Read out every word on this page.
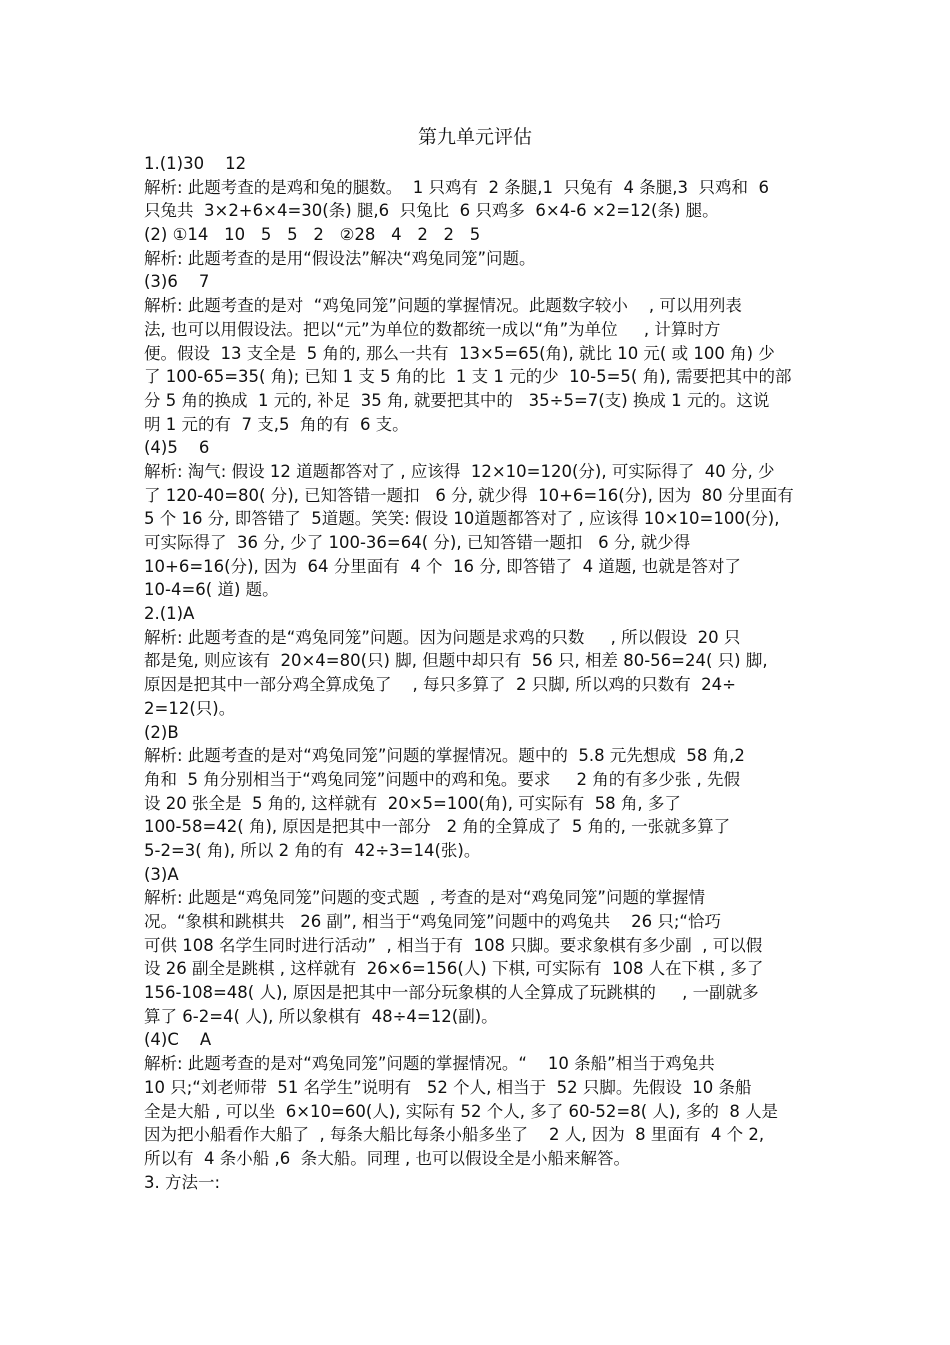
第九单元评估
1.(1)30    12
解析: 此题考查的是鸡和兔的腿数。  1 只鸡有  2 条腿,1  只兔有  4 条腿,3  只鸡和  6
只兔共  3×2+6×4=30(条) 腿,6  只兔比  6 只鸡多  6×4-6 ×2=12(条) 腿。
(2) ①14   10   5   5   2   ②28   4   2   2   5
解析: 此题考查的是用“假设法”解决“鸡兔同笼”问题。
(3)6    7
解析: 此题考查的是对  “鸡兔同笼”问题的掌握情况。此题数字较小    , 可以用列表
法, 也可以用假设法。把以“元”为单位的数都统一成以“角”为单位     , 计算时方
便。假设  13 支全是  5 角的, 那么一共有  13×5=65(角), 就比 10 元( 或 100 角) 少
了 100-65=35( 角); 已知 1 支 5 角的比  1 支 1 元的少  10-5=5( 角), 需要把其中的部
分 5 角的换成  1 元的, 补足  35 角, 就要把其中的   35÷5=7(支) 换成 1 元的。这说
明 1 元的有  7 支,5  角的有  6 支。
(4)5    6
解析: 淘气: 假设 12 道题都答对了 , 应该得  12×10=120(分), 可实际得了  40 分, 少
了 120-40=80( 分), 已知答错一题扣   6 分, 就少得  10+6=16(分), 因为  80 分里面有
5 个 16 分, 即答错了  5道题。笑笑: 假设 10道题都答对了 , 应该得 10×10=100(分),
可实际得了  36 分, 少了 100-36=64( 分), 已知答错一题扣   6 分, 就少得
10+6=16(分), 因为  64 分里面有  4 个  16 分, 即答错了  4 道题, 也就是答对了
10-4=6( 道) 题。
2.(1)A
解析: 此题考查的是“鸡兔同笼”问题。因为问题是求鸡的只数     , 所以假设  20 只
都是兔, 则应该有  20×4=80(只) 脚, 但题中却只有  56 只, 相差 80-56=24( 只) 脚,
原因是把其中一部分鸡全算成兔了    , 每只多算了  2 只脚, 所以鸡的只数有  24÷
2=12(只)。
(2)B
解析: 此题考查的是对“鸡兔同笼”问题的掌握情况。题中的  5.8 元先想成  58 角,2
角和  5 角分别相当于“鸡兔同笼”问题中的鸡和兔。要求     2 角的有多少张 , 先假
设 20 张全是  5 角的, 这样就有  20×5=100(角), 可实际有  58 角, 多了
100-58=42( 角), 原因是把其中一部分   2 角的全算成了  5 角的, 一张就多算了
5-2=3( 角), 所以 2 角的有  42÷3=14(张)。
(3)A
解析: 此题是“鸡兔同笼”问题的变式题  , 考查的是对“鸡兔同笼”问题的掌握情
况。“象棋和跳棋共   26 副”, 相当于“鸡兔同笼”问题中的鸡兔共    26 只;“恰巧
可供 108 名学生同时进行活动”  , 相当于有  108 只脚。要求象棋有多少副  , 可以假
设 26 副全是跳棋 , 这样就有  26×6=156(人) 下棋, 可实际有  108 人在下棋 , 多了
156-108=48( 人), 原因是把其中一部分玩象棋的人全算成了玩跳棋的     , 一副就多
算了 6-2=4( 人), 所以象棋有  48÷4=12(副)。
(4)C    A
解析: 此题考查的是对“鸡兔同笼”问题的掌握情况。“    10 条船”相当于鸡兔共
10 只;“刘老师带  51 名学生”说明有   52 个人, 相当于  52 只脚。先假设  10 条船
全是大船 , 可以坐  6×10=60(人), 实际有 52 个人, 多了 60-52=8( 人), 多的  8 人是
因为把小船看作大船了  , 每条大船比每条小船多坐了    2 人, 因为  8 里面有  4 个 2,
所以有  4 条小船 ,6  条大船。同理 , 也可以假设全是小船来解答。
3. 方法一:
